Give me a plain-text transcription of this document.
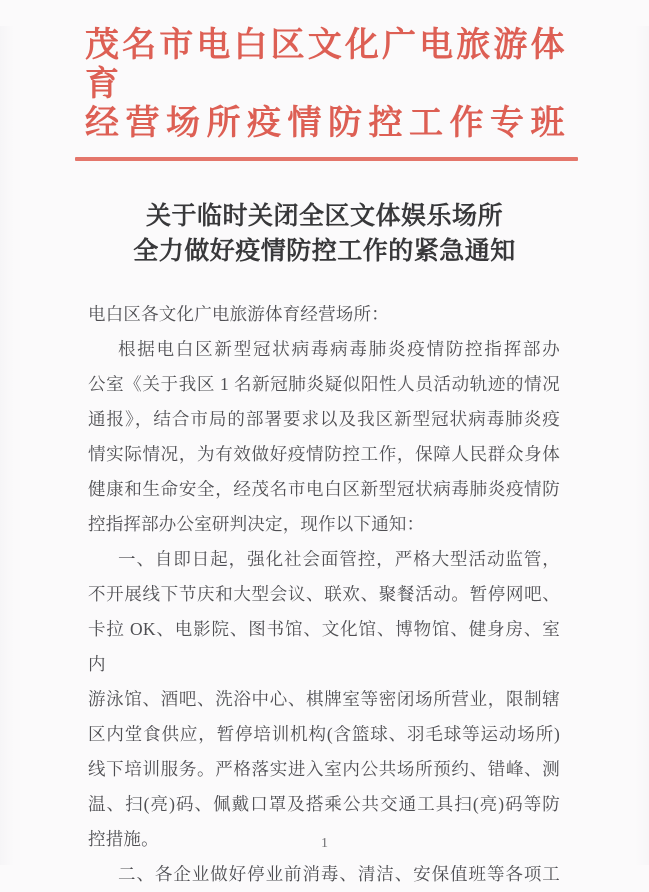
茂名市电白区文化广电旅游体育
经营场所疫情防控工作专班
关于临时关闭全区文体娱乐场所
全力做好疫情防控工作的紧急通知
电白区各文化广电旅游体育经营场所：
根据电白区新型冠状病毒病毒肺炎疫情防控指挥部办
公室《关于我区 1 名新冠肺炎疑似阳性人员活动轨迹的情况
通报》，结合市局的部署要求以及我区新型冠状病毒肺炎疫
情实际情况，为有效做好疫情防控工作，保障人民群众身体
健康和生命安全，经茂名市电白区新型冠状病毒肺炎疫情防
控指挥部办公室研判决定，现作以下通知：
一、自即日起，强化社会面管控，严格大型活动监管，
不开展线下节庆和大型会议、联欢、聚餐活动。暂停网吧、
卡拉 OK、电影院、图书馆、文化馆、博物馆、健身房、室内
游泳馆、酒吧、洗浴中心、棋牌室等密闭场所营业，限制辖
区内堂食供应，暂停培训机构(含篮球、羽毛球等运动场所)
线下培训服务。严格落实进入室内公共场所预约、错峰、测
温、扫(亮)码、佩戴口罩及搭乘公共交通工具扫(亮)码等防
控措施。
二、各企业做好停业前消毒、清洁、安保值班等各项工
1
